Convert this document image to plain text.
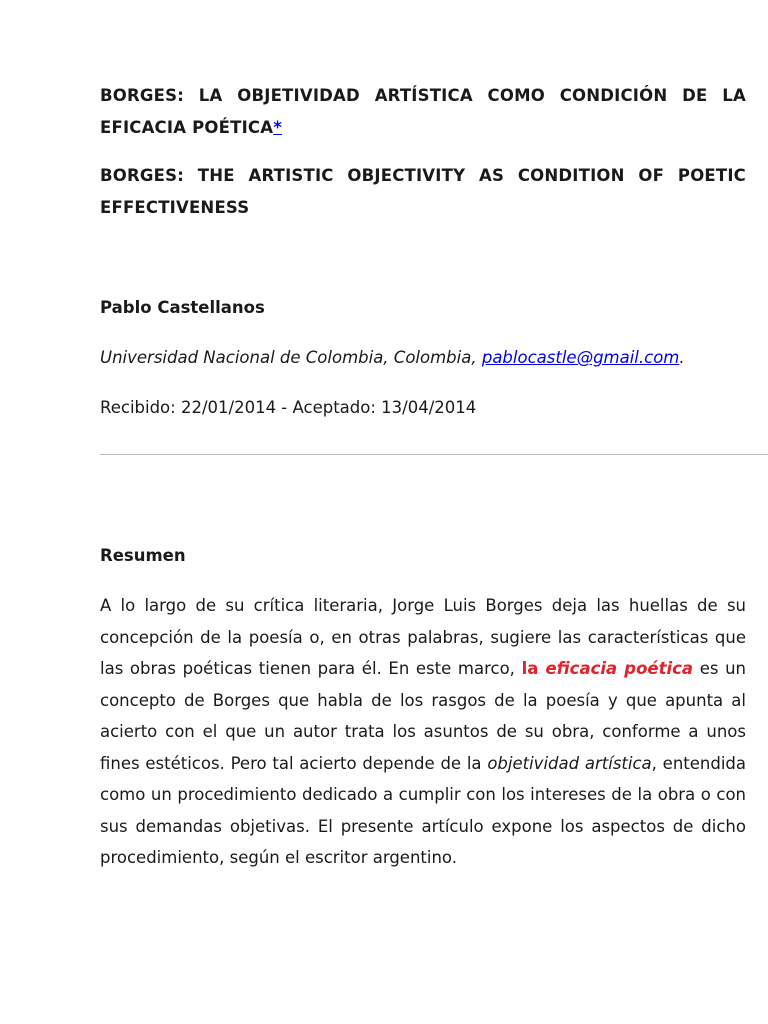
BORGES: LA OBJETIVIDAD ARTÍSTICA COMO CONDICIÓN DE LA EFICACIA POÉTICA*

BORGES: THE ARTISTIC OBJECTIVITY AS CONDITION OF POETIC EFFECTIVENESS

Pablo Castellanos

Universidad Nacional de Colombia, Colombia, pablocastle@gmail.com.

Recibido: 22/01/2014 - Aceptado: 13/04/2014

Resumen

A lo largo de su crítica literaria, Jorge Luis Borges deja las huellas de su concepción de la poesía o, en otras palabras, sugiere las características que las obras poéticas tienen para él. En este marco, la eficacia poética es un concepto de Borges que habla de los rasgos de la poesía y que apunta al acierto con el que un autor trata los asuntos de su obra, conforme a unos fines estéticos. Pero tal acierto depende de la objetividad artística, entendida como un procedimiento dedicado a cumplir con los intereses de la obra o con sus demandas objetivas. El presente artículo expone los aspectos de dicho procedimiento, según el escritor argentino.
